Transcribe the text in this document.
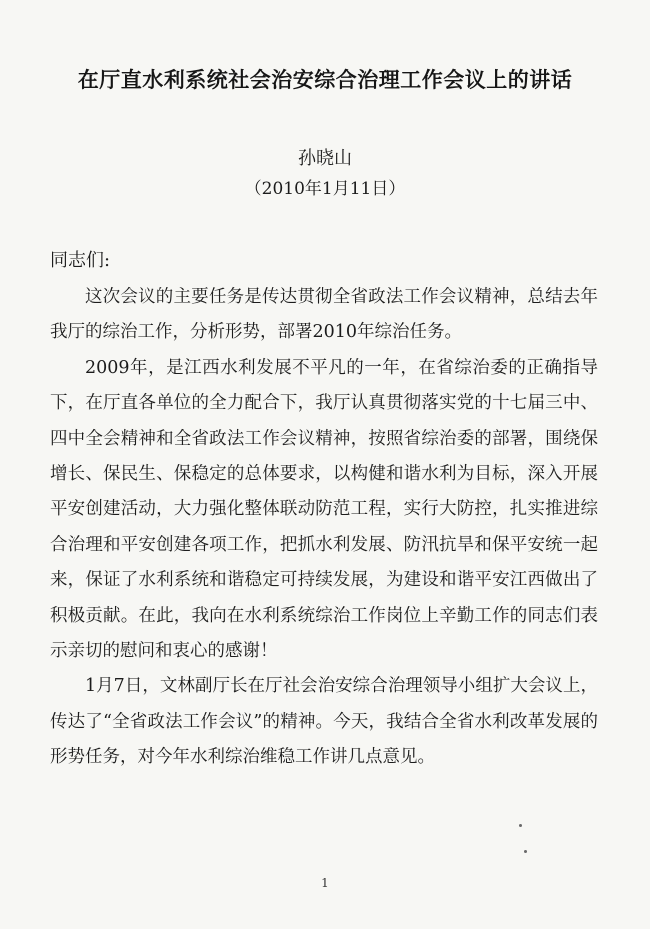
在厅直水利系统社会治安综合治理工作会议上的讲话
孙晓山
（2010年1月11日）
同志们:

这次会议的主要任务是传达贯彻全省政法工作会议精神，总结去年我厅的综治工作，分析形势，部署2010年综治任务。

2009年，是江西水利发展不平凡的一年，在省综治委的正确指导下，在厅直各单位的全力配合下，我厅认真贯彻落实党的十七届三中、四中全会精神和全省政法工作会议精神，按照省综治委的部署，围绕保增长、保民生、保稳定的总体要求，以构健和谐水利为目标，深入开展平安创建活动，大力强化整体联动防范工程，实行大防控，扎实推进综合治理和平安创建各项工作，把抓水利发展、防汛抗旱和保平安统一起来，保证了水利系统和谐稳定可持续发展，为建设和谐平安江西做出了积极贡献。在此，我向在水利系统综治工作岗位上辛勤工作的同志们表示亲切的慰问和衷心的感谢！

1月7日，文林副厅长在厅社会治安综合治理领导小组扩大会议上，传达了“全省政法工作会议”的精神。今天，我结合全省水利改革发展的形势任务，对今年水利综治维稳工作讲几点意见。

1
